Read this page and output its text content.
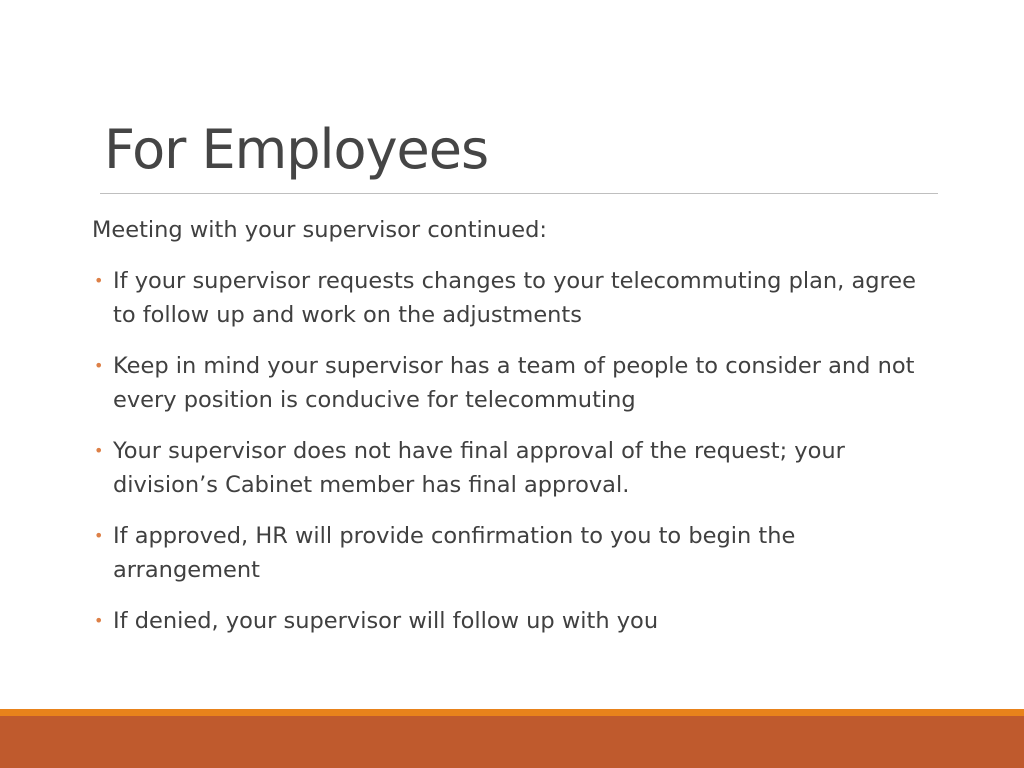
For Employees

Meeting with your supervisor continued:

• If your supervisor requests changes to your telecommuting plan, agree to follow up and work on the adjustments
• Keep in mind your supervisor has a team of people to consider and not every position is conducive for telecommuting
• Your supervisor does not have final approval of the request; your division’s Cabinet member has final approval.
• If approved, HR will provide confirmation to you to begin the arrangement
• If denied, your supervisor will follow up with you
